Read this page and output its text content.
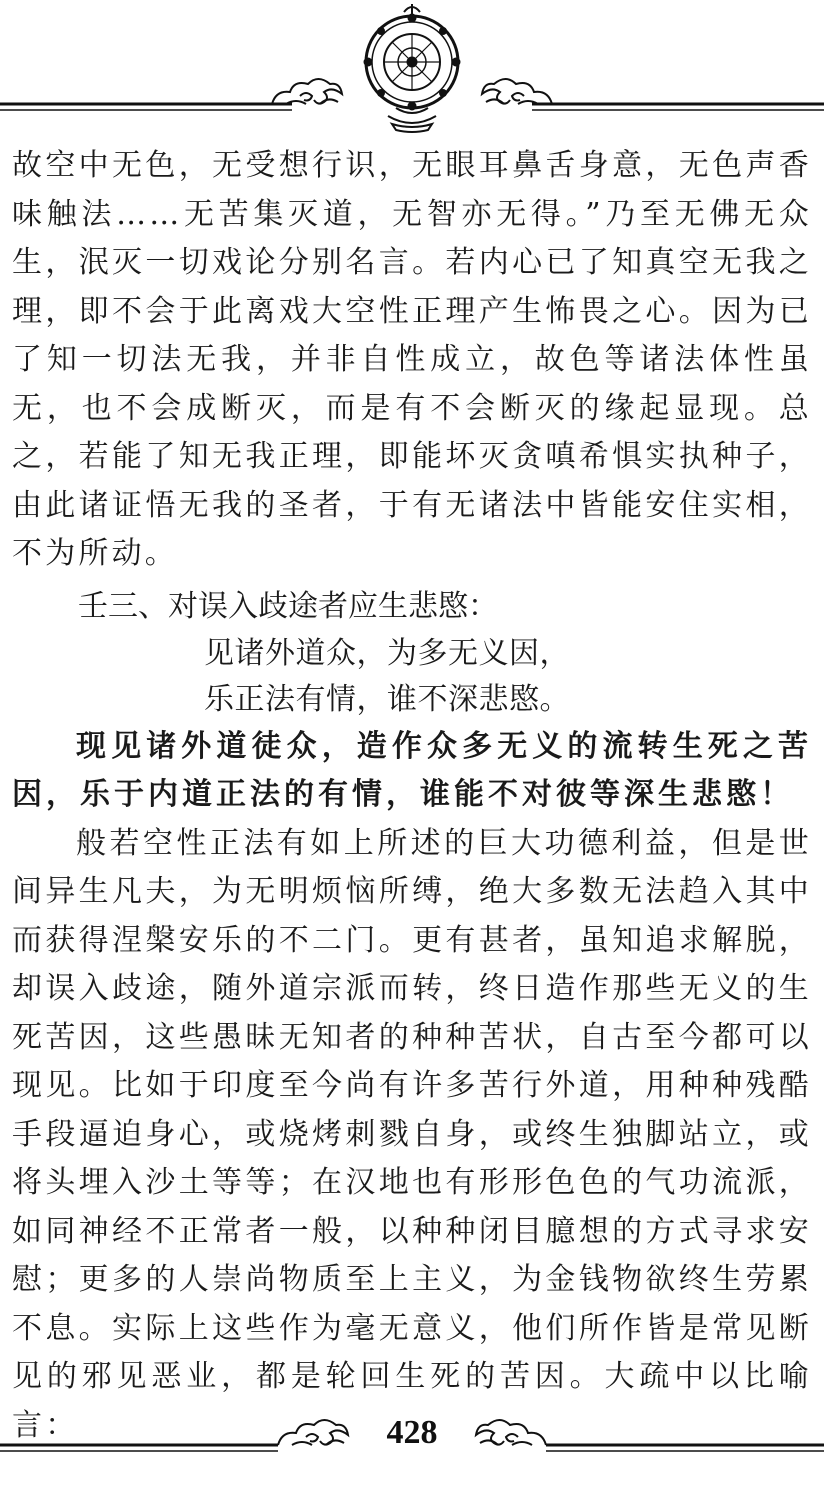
故空中无色，无受想行识，无眼耳鼻舌身意，无色声香味触法……无苦集灭道，无智亦无得。”乃至无佛无众生，泯灭一切戏论分别名言。若内心已了知真空无我之理，即不会于此离戏大空性正理产生怖畏之心。因为已了知一切法无我，并非自性成立，故色等诸法体性虽无，也不会成断灭，而是有不会断灭的缘起显现。总之，若能了知无我正理，即能坏灭贪嗔希惧实执种子，由此诸证悟无我的圣者，于有无诸法中皆能安住实相，不为所动。

壬三、对误入歧途者应生悲愍：

见诸外道众，为多无义因，

乐正法有情，谁不深悲愍。

现见诸外道徒众，造作众多无义的流转生死之苦因，乐于内道正法的有情，谁能不对彼等深生悲愍！

般若空性正法有如上所述的巨大功德利益，但是世间异生凡夫，为无明烦恼所缚，绝大多数无法趋入其中而获得涅槃安乐的不二门。更有甚者，虽知追求解脱，却误入歧途，随外道宗派而转，终日造作那些无义的生死苦因，这些愚昧无知者的种种苦状，自古至今都可以现见。比如于印度至今尚有许多苦行外道，用种种残酷手段逼迫身心，或烧烤刺戮自身，或终生独脚站立，或将头埋入沙土等等；在汉地也有形形色色的气功流派，如同神经不正常者一般，以种种闭目臆想的方式寻求安慰；更多的人崇尚物质至上主义，为金钱物欲终生劳累不息。实际上这些作为毫无意义，他们所作皆是常见断见的邪见恶业，都是轮回生死的苦因。大疏中以比喻言：	428
